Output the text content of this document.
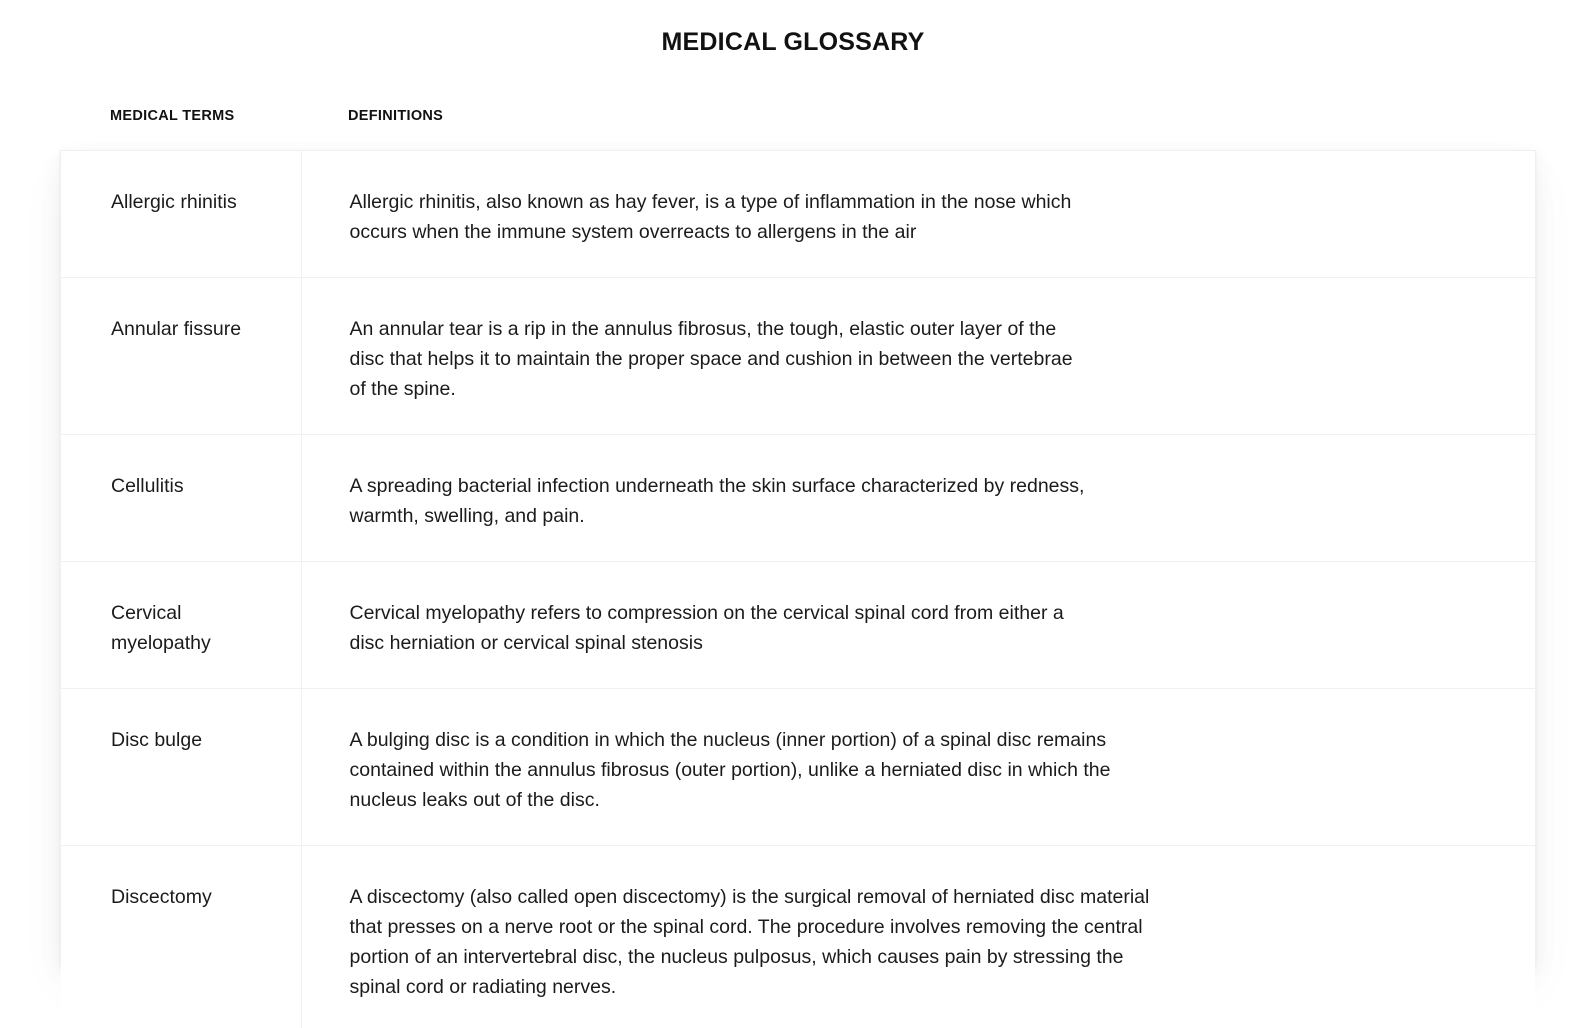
MEDICAL GLOSSARY
MEDICAL TERMS	DEFINITIONS
Allergic rhinitis	Allergic rhinitis, also known as hay fever, is a type of inflammation in the nose which
occurs when the immune system overreacts to allergens in the air

Annular fissure	An annular tear is a rip in the annulus fibrosus, the tough, elastic outer layer of the
disc that helps it to maintain the proper space and cushion in between the vertebrae
of the spine.

Cellulitis	A spreading bacterial infection underneath the skin surface characterized by redness,
warmth, swelling, and pain.

Cervical
myelopathy	Cervical myelopathy refers to compression on the cervical spinal cord from either a
disc herniation or cervical spinal stenosis

Disc bulge	A bulging disc is a condition in which the nucleus (inner portion) of a spinal disc remains
contained within the annulus fibrosus (outer portion), unlike a herniated disc in which the
nucleus leaks out of the disc.

Discectomy	A discectomy (also called open discectomy) is the surgical removal of herniated disc material
that presses on a nerve root or the spinal cord. The procedure involves removing the central
portion of an intervertebral disc, the nucleus pulposus, which causes pain by stressing the
spinal cord or radiating nerves.
